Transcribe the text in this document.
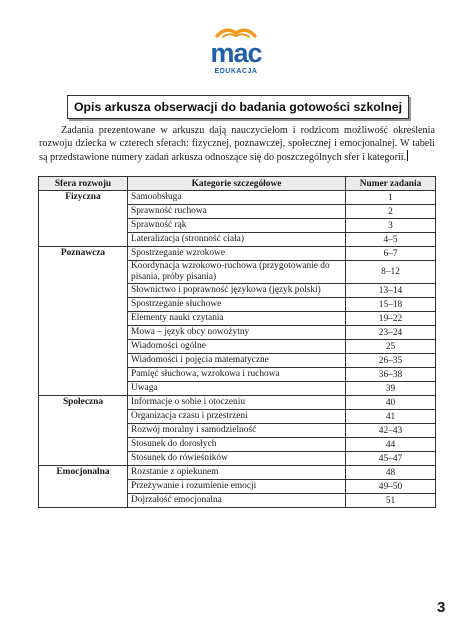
mac
EDUKACJA
Opis arkusza obserwacji do badania gotowości szkolnej

Zadania prezentowane w arkuszu dają nauczycielom i rodzicom możliwość określenia rozwoju dziecka w czterech sferach: fizycznej, poznawczej, społecznej i emocjonalnej. W tabeli są przedstawione numery zadań arkusza odnoszące się do poszczególnych sfer i kategorii.

Sfera rozwoju	Kategorie szczegółowe	Numer zadania
Fizyczna	Samoobsługa	1
	Sprawność ruchowa	2
	Sprawność rąk	3
	Lateralizacja (stronność ciała)	4–5
Poznawcza	Spostrzeganie wzrokowe	6–7
	Koordynacja wzrokowo-ruchowa (przygotowanie do pisania, próby pisania)	8–12
	Słownictwo i poprawność językowa (język polski)	13–14
	Spostrzeganie słuchowe	15–18
	Elementy nauki czytania	19–22
	Mowa – język obcy nowożytny	23–24
	Wiadomości ogólne	25
	Wiadomości i pojęcia matematyczne	26–35
	Pamięć słuchowa, wzrokowa i ruchowa	36–38
	Uwaga	39
Społeczna	Informacje o sobie i otoczeniu	40
	Organizacja czasu i przestrzeni	41
	Rozwój moralny i samodzielność	42–43
	Stosunek do dorosłych	44
	Stosunek do rówieśników	45–47
Emocjonalna	Rozstanie z opiekunem	48
	Przeżywanie i rozumienie emocji	49–50
	Dojrzałość emocjonalna	51
3
